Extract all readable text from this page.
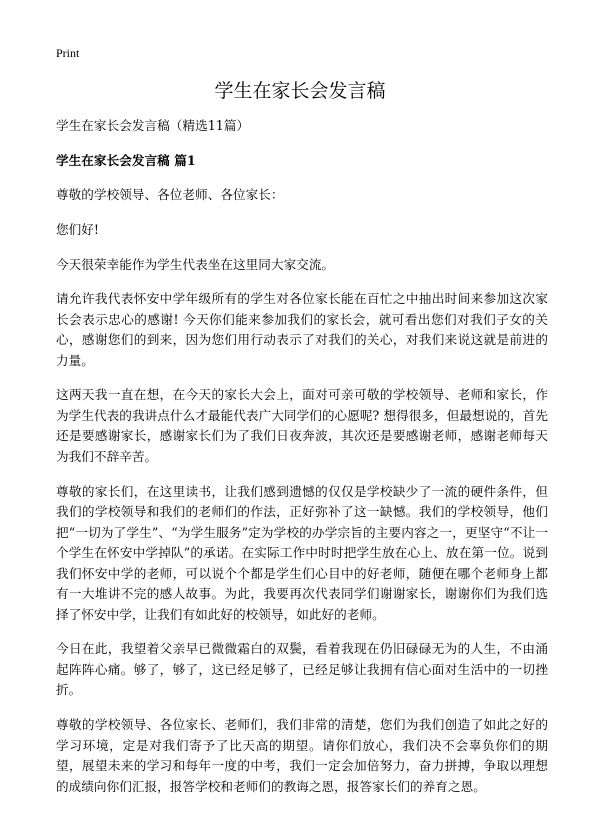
Print
学生在家长会发言稿

学生在家长会发言稿（精选11篇）

学生在家长会发言稿 篇1

尊敬的学校领导、各位老师、各位家长：

您们好!

今天很荣幸能作为学生代表坐在这里同大家交流。

请允许我代表怀安中学年级所有的学生对各位家长能在百忙之中抽出时间来参加这次家长会表示忠心的感谢! 今天你们能来参加我们的家长会，就可看出您们对我们子女的关心，感谢您们的到来，因为您们用行动表示了对我们的关心，对我们来说这就是前进的力量。

这两天我一直在想，在今天的家长大会上，面对可亲可敬的学校领导、老师和家长，作为学生代表的我讲点什么才最能代表广大同学们的心愿呢? 想得很多，但最想说的，首先还是要感谢家长，感谢家长们为了我们日夜奔波，其次还是要感谢老师，感谢老师每天为我们不辞辛苦。

尊敬的家长们，在这里读书，让我们感到遗憾的仅仅是学校缺少了一流的硬件条件，但我们的学校领导和我们的老师们的作法，正好弥补了这一缺憾。我们的学校领导，他们把“一切为了学生”、“为学生服务”定为学校的办学宗旨的主要内容之一，更坚守“不让一个学生在怀安中学掉队”的承诺。在实际工作中时时把学生放在心上、放在第一位。说到我们怀安中学的老师，可以说个个都是学生们心目中的好老师，随便在哪个老师身上都有一大堆讲不完的感人故事。为此，我要再次代表同学们谢谢家长，谢谢你们为我们选择了怀安中学，让我们有如此好的校领导，如此好的老师。

今日在此，我望着父亲早已微微霜白的双鬓，看着我现在仍旧碌碌无为的人生，不由涌起阵阵心痛。够了，够了，这已经足够了，已经足够让我拥有信心面对生活中的一切挫折。

尊敬的学校领导、各位家长、老师们，我们非常的清楚，您们为我们创造了如此之好的学习环境，定是对我们寄予了比天高的期望。请你们放心，我们决不会辜负你们的期望，展望未来的学习和每年一度的中考，我们一定会加倍努力，奋力拼搏，争取以理想的成绩向你们汇报，报答学校和老师们的教诲之恩，报答家长们的养育之恩。
